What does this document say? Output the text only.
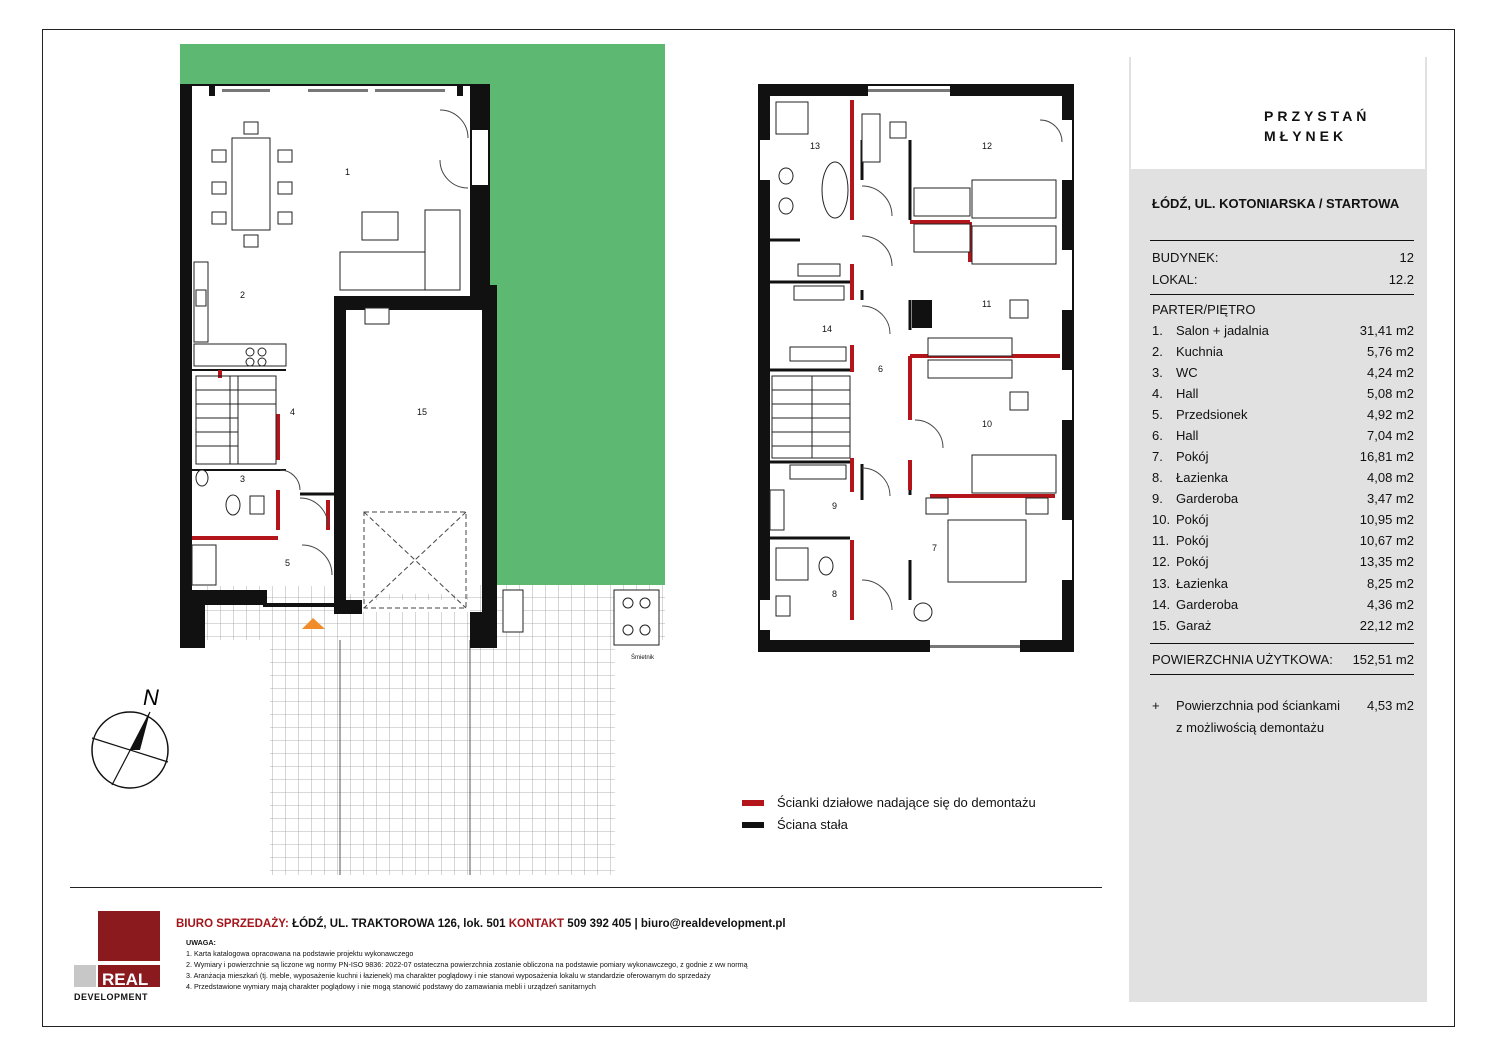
1
2
3
4
5
15
6
7
8
9
10
11
12
13
14
Śmietnik
N
PRZYSTAŃ
MŁYNEK
ŁÓDŹ, UL. KOTONIARSKA / STARTOWA
BUDYNEK:	12
LOKAL:	12.2
PARTER/PIĘTRO
1. Salon + jadalnia	31,41 m2
2. Kuchnia	5,76 m2
3. WC	4,24 m2
4. Hall	5,08 m2
5. Przedsionek	4,92 m2
6. Hall	7,04 m2
7. Pokój	16,81 m2
8. Łazienka	4,08 m2
9. Garderoba	3,47 m2
10. Pokój	10,95 m2
11. Pokój	10,67 m2
12. Pokój	13,35 m2
13. Łazienka	8,25 m2
14. Garderoba	4,36 m2
15. Garaż	22,12 m2
POWIERZCHNIA UŻYTKOWA: 152,51 m2
+ Powierzchnia pod ściankami
z możliwością demontażu
4,53 m2
Ścianki działowe nadające się do demontażu
Ściana stała
REAL
DEVELOPMENT
BIURO SPRZEDAŻY: ŁÓDŹ, UL. TRAKTOROWA 126, lok. 501 KONTAKT 509 392 405 | biuro@realdevelopment.pl
UWAGA:
1. Karta katalogowa opracowana na podstawie projektu wykonawczego
2. Wymiary i powierzchnie są liczone wg normy PN-ISO 9836: 2022-07 ostateczna powierzchnia zostanie obliczona na podstawie pomiary wykonawczego, z godnie z ww normą
3. Aranżacja mieszkań (tj. meble, wyposażenie kuchni i łazienek) ma charakter poglądowy i nie stanowi wyposażenia lokalu w standardzie oferowanym do sprzedaży
4. Przedstawione wymiary mają charakter poglądowy i nie mogą stanowić podstawy do zamawiania mebli i urządzeń sanitarnych
